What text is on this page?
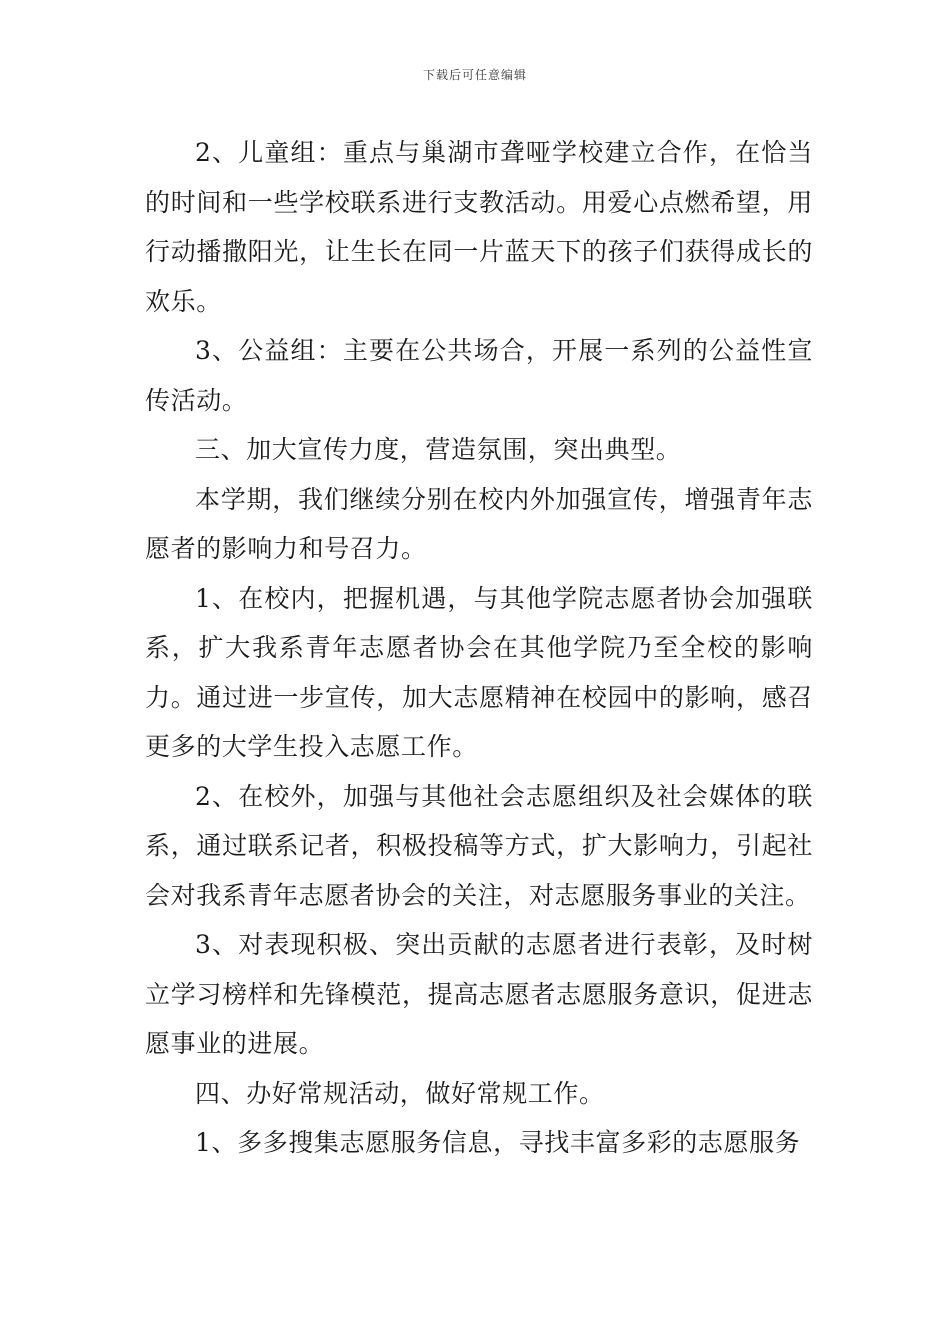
下载后可任意编辑

2、儿童组：重点与巢湖市聋哑学校建立合作，在恰当的时间和一些学校联系进行支教活动。用爱心点燃希望，用行动播撒阳光，让生长在同一片蓝天下的孩子们获得成长的欢乐。

3、公益组：主要在公共场合，开展一系列的公益性宣传活动。

三、加大宣传力度，营造氛围，突出典型。

本学期，我们继续分别在校内外加强宣传，增强青年志愿者的影响力和号召力。

1、在校内，把握机遇，与其他学院志愿者协会加强联系，扩大我系青年志愿者协会在其他学院乃至全校的影响力。通过进一步宣传，加大志愿精神在校园中的影响，感召更多的大学生投入志愿工作。

2、在校外，加强与其他社会志愿组织及社会媒体的联系，通过联系记者，积极投稿等方式，扩大影响力，引起社会对我系青年志愿者协会的关注，对志愿服务事业的关注。

3、对表现积极、突出贡献的志愿者进行表彰，及时树立学习榜样和先锋模范，提高志愿者志愿服务意识，促进志愿事业的进展。

四、办好常规活动，做好常规工作。

1、多多搜集志愿服务信息，寻找丰富多彩的志愿服务
